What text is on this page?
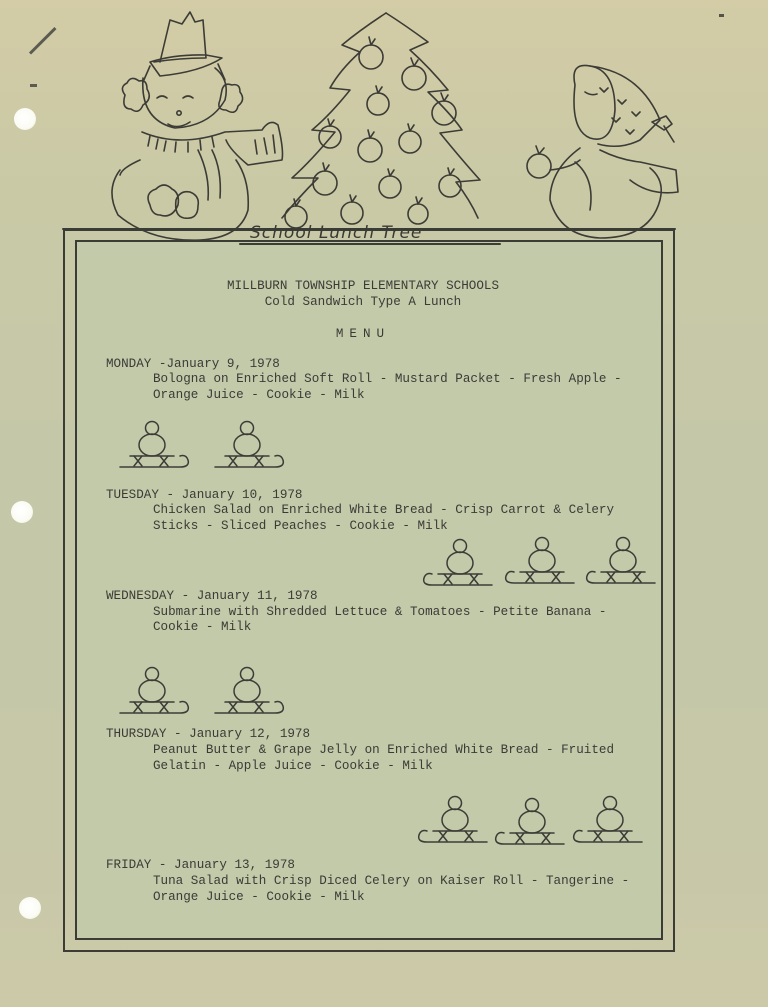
School Lunch Tree
MILLBURN TOWNSHIP ELEMENTARY SCHOOLS
Cold Sandwich Type A Lunch
MENU
MONDAY -January 9, 1978
Bologna on Enriched Soft Roll - Mustard Packet - Fresh Apple -
Orange Juice - Cookie - Milk
TUESDAY - January 10, 1978
Chicken Salad on Enriched White Bread - Crisp Carrot & Celery
Sticks - Sliced Peaches - Cookie - Milk
WEDNESDAY - January 11, 1978
Submarine with Shredded Lettuce & Tomatoes - Petite Banana -
Cookie - Milk
THURSDAY - January 12, 1978
Peanut Butter & Grape Jelly on Enriched White Bread - Fruited
Gelatin - Apple Juice - Cookie - Milk
FRIDAY - January 13, 1978
Tuna Salad with Crisp Diced Celery on Kaiser Roll - Tangerine -
Orange Juice - Cookie - Milk
